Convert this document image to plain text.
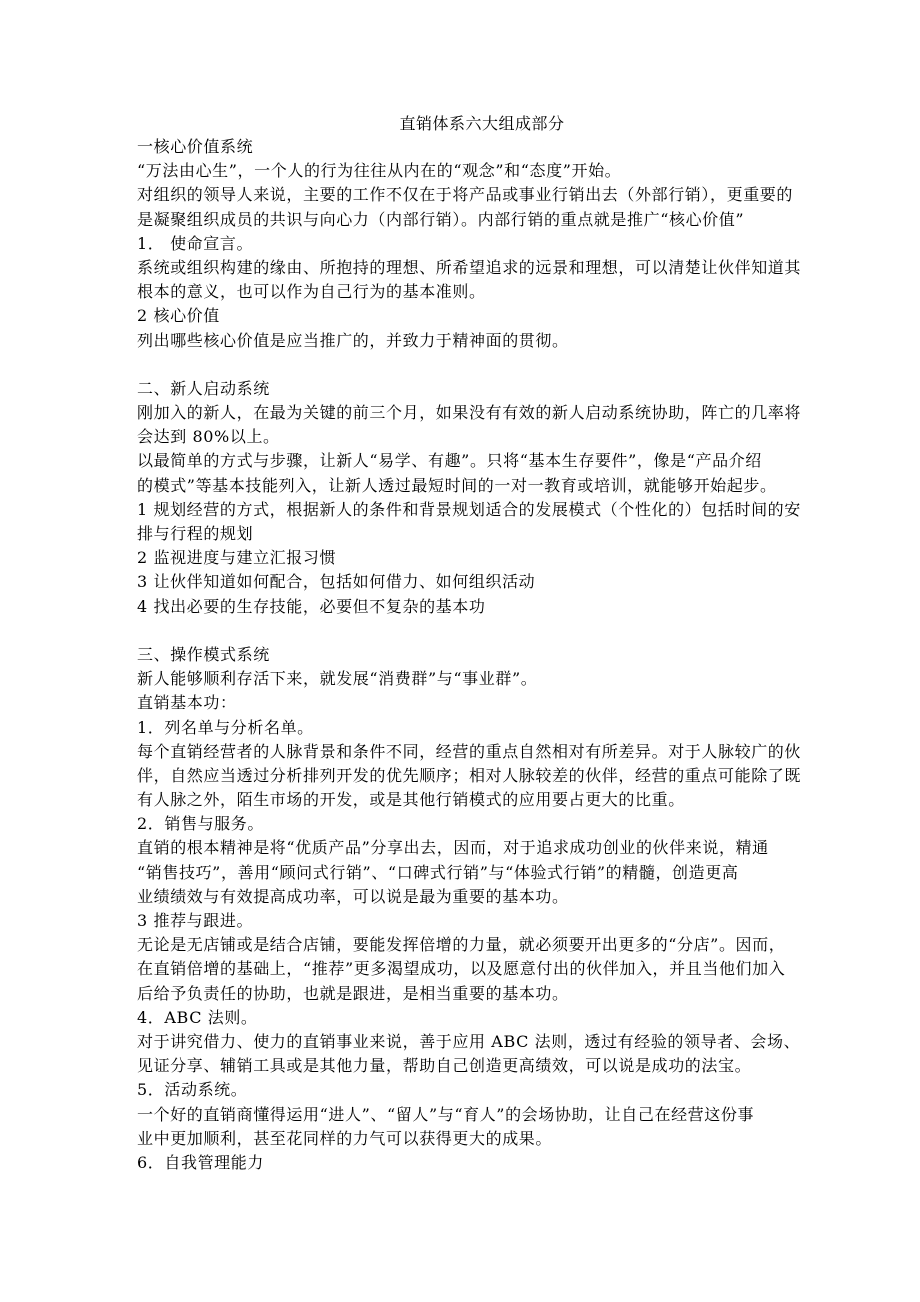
直销体系六大组成部分
一核心价值系统
“万法由心生”，一个人的行为往往从内在的“观念”和“态度”开始。
对组织的领导人来说，主要的工作不仅在于将产品或事业行销出去（外部行销），更重要的
是凝聚组织成员的共识与向心力（内部行销）。内部行销的重点就是推广“核心价值”
1． 使命宣言。
系统或组织构建的缘由、所抱持的理想、所希望追求的远景和理想，可以清楚让伙伴知道其
根本的意义，也可以作为自己行为的基本准则。
2 核心价值
列出哪些核心价值是应当推广的，并致力于精神面的贯彻。
二、新人启动系统
刚加入的新人，在最为关键的前三个月，如果没有有效的新人启动系统协助，阵亡的几率将
会达到 80%以上。
以最简单的方式与步骤，让新人“易学、有趣”。只将“基本生存要件”，像是“产品介绍
的模式”等基本技能列入，让新人透过最短时间的一对一教育或培训，就能够开始起步。
1 规划经营的方式，根据新人的条件和背景规划适合的发展模式（个性化的）包括时间的安
排与行程的规划
2 监视进度与建立汇报习惯
3 让伙伴知道如何配合，包括如何借力、如何组织活动
4 找出必要的生存技能，必要但不复杂的基本功
三、操作模式系统
新人能够顺利存活下来，就发展“消费群”与“事业群”。
直销基本功：
1．列名单与分析名单。
每个直销经营者的人脉背景和条件不同，经营的重点自然相对有所差异。对于人脉较广的伙
伴，自然应当透过分析排列开发的优先顺序；相对人脉较差的伙伴，经营的重点可能除了既
有人脉之外，陌生市场的开发，或是其他行销模式的应用要占更大的比重。
2．销售与服务。
直销的根本精神是将“优质产品”分享出去，因而，对于追求成功创业的伙伴来说，精通
“销售技巧”，善用“顾问式行销”、“口碑式行销”与“体验式行销”的精髓，创造更高
业绩绩效与有效提高成功率，可以说是最为重要的基本功。
3 推荐与跟进。
无论是无店铺或是结合店铺，要能发挥倍增的力量，就必须要开出更多的“分店”。因而，
在直销倍增的基础上，“推荐”更多渴望成功，以及愿意付出的伙伴加入，并且当他们加入
后给予负责任的协助，也就是跟进，是相当重要的基本功。
4．ABC 法则。
对于讲究借力、使力的直销事业来说，善于应用 ABC 法则，透过有经验的领导者、会场、
见证分享、辅销工具或是其他力量，帮助自己创造更高绩效，可以说是成功的法宝。
5．活动系统。
一个好的直销商懂得运用“进人”、“留人”与“育人”的会场协助，让自己在经营这份事
业中更加顺利，甚至花同样的力气可以获得更大的成果。
6．自我管理能力
